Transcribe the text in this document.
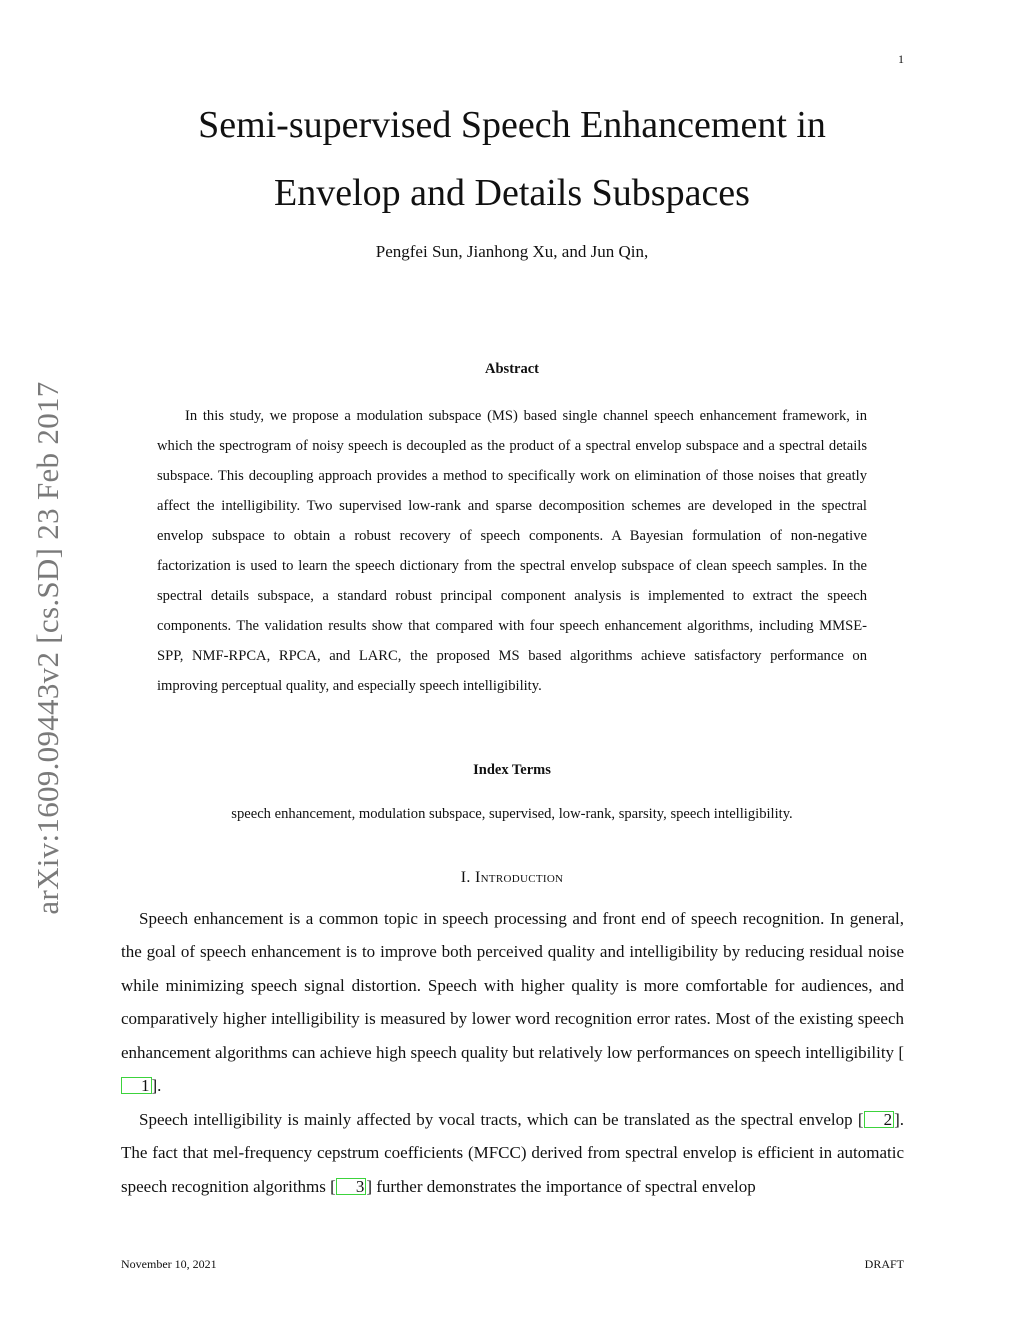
1
arXiv:1609.09443v2 [cs.SD] 23 Feb 2017
Semi-supervised Speech Enhancement in
Envelop and Details Subspaces
Pengfei Sun, Jianhong Xu, and Jun Qin,
Abstract

In this study, we propose a modulation subspace (MS) based single channel speech enhancement framework, in which the spectrogram of noisy speech is decoupled as the product of a spectral envelop subspace and a spectral details subspace. This decoupling approach provides a method to specifically work on elimination of those noises that greatly affect the intelligibility. Two supervised low-rank and sparse decomposition schemes are developed in the spectral envelop subspace to obtain a robust recovery of speech components. A Bayesian formulation of non-negative factorization is used to learn the speech dictionary from the spectral envelop subspace of clean speech samples. In the spectral details subspace, a standard robust principal component analysis is implemented to extract the speech components. The validation results show that compared with four speech enhancement algorithms, including MMSE-SPP, NMF-RPCA, RPCA, and LARC, the proposed MS based algorithms achieve satisfactory performance on improving perceptual quality, and especially speech intelligibility.

Index Terms
speech enhancement, modulation subspace, supervised, low-rank, sparsity, speech intelligibility.
I. Introduction

Speech enhancement is a common topic in speech processing and front end of speech recognition. In general, the goal of speech enhancement is to improve both perceived quality and intelligibility by reducing residual noise while minimizing speech signal distortion. Speech with higher quality is more comfortable for audiences, and comparatively higher intelligibility is measured by lower word recognition error rates. Most of the existing speech enhancement algorithms can achieve high speech quality but relatively low performances on speech intelligibility [1 ].

Speech intelligibility is mainly affected by vocal tracts, which can be translated as the spectral envelop [ 2 ]. The fact that mel-frequency cepstrum coefficients (MFCC) derived from spectral envelop is efficient in automatic speech recognition algorithms [ 3 ] further demonstrates the importance of spectral envelop

November 10, 2021	DRAFT
